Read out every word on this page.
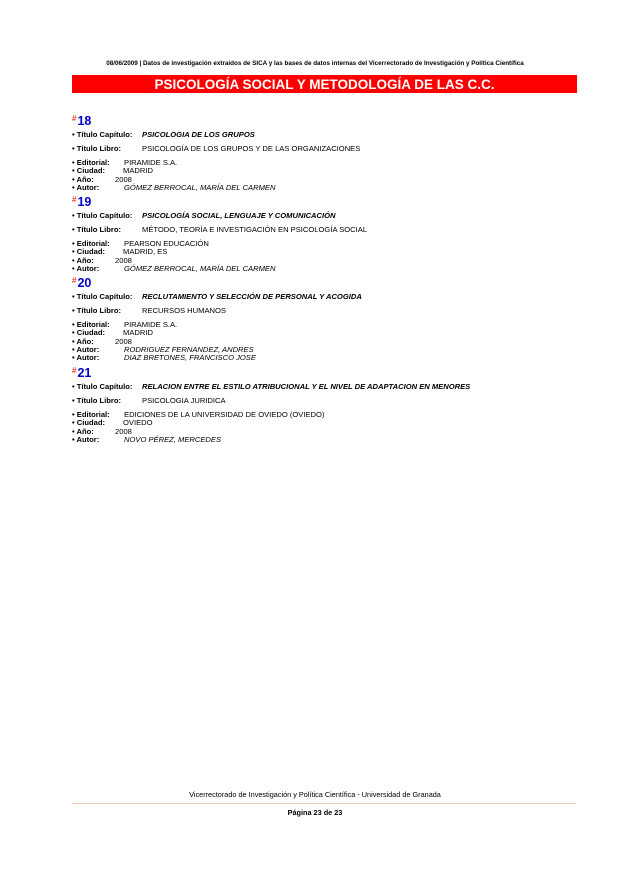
08/06/2009 | Datos de investigación extraídos de SICA y las bases de datos internas del Vicerrectorado de Investigación y Política Científica
PSICOLOGÍA SOCIAL Y METODOLOGÍA DE LAS C.C.
#18
• Título Capítulo: PSICOLOGIA DE LOS GRUPOS
• Título Libro:	PSICOLOGÍA DE LOS GRUPOS Y DE LAS ORGANIZACIONES
• Editorial: PIRAMIDE S.A.
• Ciudad: MADRID
• Año:	2008
• Autor:	GÓMEZ BERROCAL, MARÍA DEL CARMEN
#19
• Título Capítulo: PSICOLOGÍA SOCIAL, LENGUAJE Y COMUNICACIÓN
• Título Libro:	MÉTODO, TEORÍA E INVESTIGACIÓN EN PSICOLOGÍA SOCIAL
• Editorial: PEARSON EDUCACIÓN
• Ciudad: MADRID, ES
• Año:	2008
• Autor:	GÓMEZ BERROCAL, MARÍA DEL CARMEN
#20
• Título Capítulo: RECLUTAMIENTO Y SELECCIÓN DE PERSONAL Y ACOGIDA
• Título Libro:	RECURSOS HUMANOS
• Editorial: PIRAMIDE S.A.
• Ciudad: MADRID
• Año:	2008
• Autor:	RODRIGUEZ FERNANDEZ, ANDRES
• Autor:	DIAZ BRETONES, FRANCISCO JOSE
#21
• Título Capítulo: RELACION ENTRE EL ESTILO ATRIBUCIONAL Y EL NIVEL DE ADAPTACION EN MENORES
• Título Libro:	PSICOLOGIA JURIDICA
• Editorial: EDICIONES DE LA UNIVERSIDAD DE OVIEDO (OVIEDO)
• Ciudad: OVIEDO
• Año:	2008
• Autor:	NOVO PÉREZ, MERCEDES
Vicerrectorado de Investigación y Política Científica - Universidad de Granada
Página 23 de 23
